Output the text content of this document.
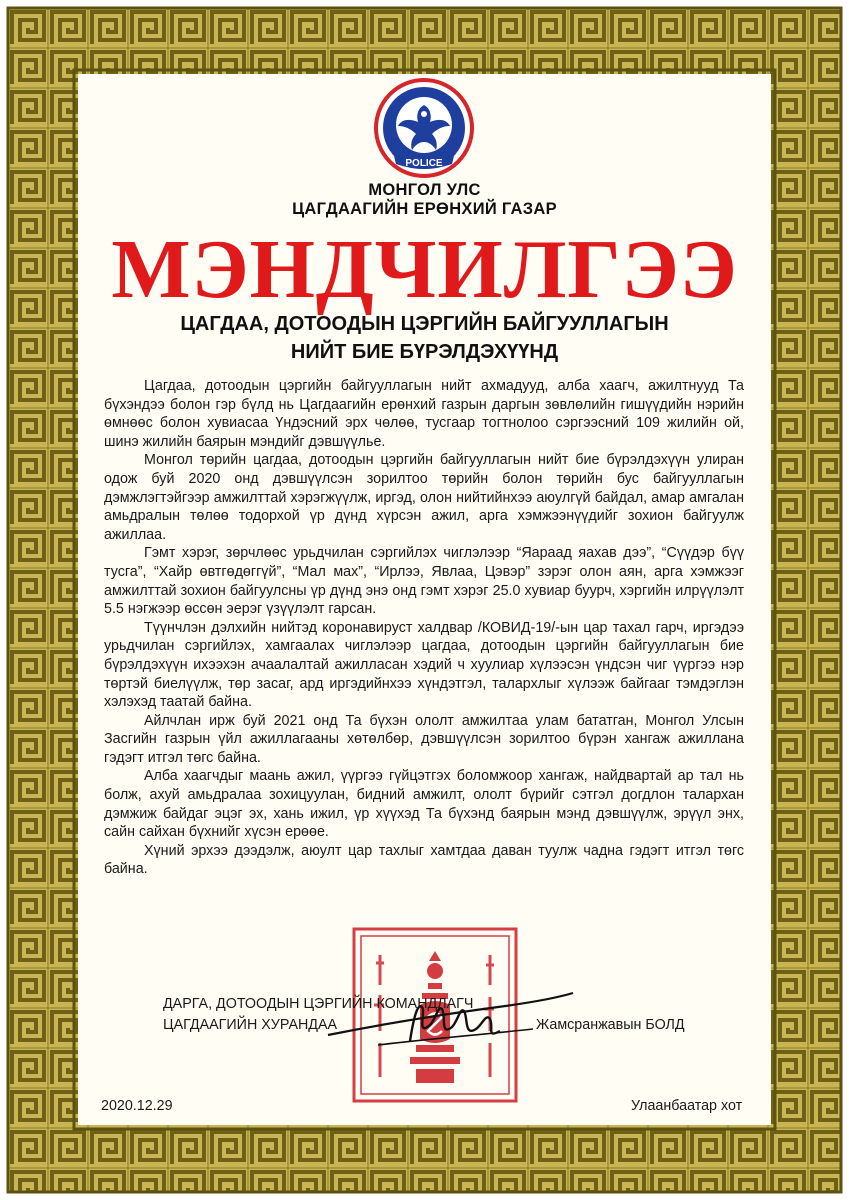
POLICE
МОНГОЛ УЛС
ЦАГДААГИЙН ЕРӨНХИЙ ГАЗАР
МЭНДЧИЛГЭЭ
ЦАГДАА, ДОТООДЫН ЦЭРГИЙН БАЙГУУЛЛАГЫН
НИЙТ БИЕ БҮРЭЛДЭХҮҮНД

Цагдаа, дотоодын цэргийн байгууллагын нийт ахмадууд, алба хаагч, ажилтнууд Та бүхэндээ болон гэр бүлд нь Цагдаагийн ерөнхий газрын даргын зөвлөлийн гишүүдийн нэрийн өмнөөс болон хувиасаа Үндэсний эрх чөлөө, тусгаар тогтнолоо сэргээсний 109 жилийн ой, шинэ жилийн баярын мэндийг дэвшүүлье.

Монгол төрийн цагдаа, дотоодын цэргийн байгууллагын нийт бие бүрэлдэхүүн улиран одож буй 2020 онд дэвшүүлсэн зорилтоо төрийн болон төрийн бус байгууллагын дэмжлэгтэйгээр амжилттай хэрэгжүүлж, иргэд, олон нийтийнхээ аюулгүй байдал, амар амгалан амьдралын төлөө тодорхой үр дүнд хүрсэн ажил, арга хэмжээнүүдийг зохион байгуулж ажиллаа.

Гэмт хэрэг, зөрчлөөс урьдчилан сэргийлэх чиглэлээр “Яараад яахав дээ”, “Сүүдэр бүү тусга”, “Хайр өвтгөдөггүй”, “Мал мах”, “Ирлээ, Явлаа, Цэвэр” зэрэг олон аян, арга хэмжээг амжилттай зохион байгуулсны үр дүнд энэ онд гэмт хэрэг 25.0 хувиар буурч, хэргийн илрүүлэлт 5.5 нэгжээр өссөн эерэг үзүүлэлт гарсан.

Түүнчлэн дэлхийн нийтэд коронавируст халдвар /КОВИД-19/-ын цар тахал гарч, иргэдээ урьдчилан сэргийлэх, хамгаалах чиглэлээр цагдаа, дотоодын цэргийн байгууллагын бие бүрэлдэхүүн ихээхэн ачаалалтай ажилласан хэдий ч хуулиар хүлээсэн үндсэн чиг үүргээ нэр төртэй биелүүлж, төр засаг, ард иргэдийнхээ хүндэтгэл, талархлыг хүлээж байгааг тэмдэглэн хэлэхэд таатай байна.

Айлчлан ирж буй 2021 онд Та бүхэн ололт амжилтаа улам бататган, Монгол Улсын Засгийн газрын үйл ажиллагааны хөтөлбөр, дэвшүүлсэн зорилтоо бүрэн хангаж ажиллана гэдэгт итгэл төгс байна.

Алба хаагчдыг маань ажил, үүргээ гүйцэтгэх боломжоор хангаж, найдвартай ар тал нь болж, ахуй амьдралаа зохицуулан, бидний амжилт, ололт бүрийг сэтгэл догдлон талархан дэмжиж байдаг эцэг эх, хань ижил, үр хүүхэд Та бүхэнд баярын мэнд дэвшүүлж, эрүүл энх, сайн сайхан бүхнийг хүсэн ерөөе.

Хүний эрхээ дээдэлж, аюулт цар тахлыг хамтдаа даван туулж чадна гэдэгт итгэл төгс байна.

ДАРГА, ДОТООДЫН ЦЭРГИЙН КОМАНДЛАГЧ
ЦАГДААГИЙН ХУРАНДАА	Жамсранжавын БОЛД
2020.12.29	Улаанбаатар хот
